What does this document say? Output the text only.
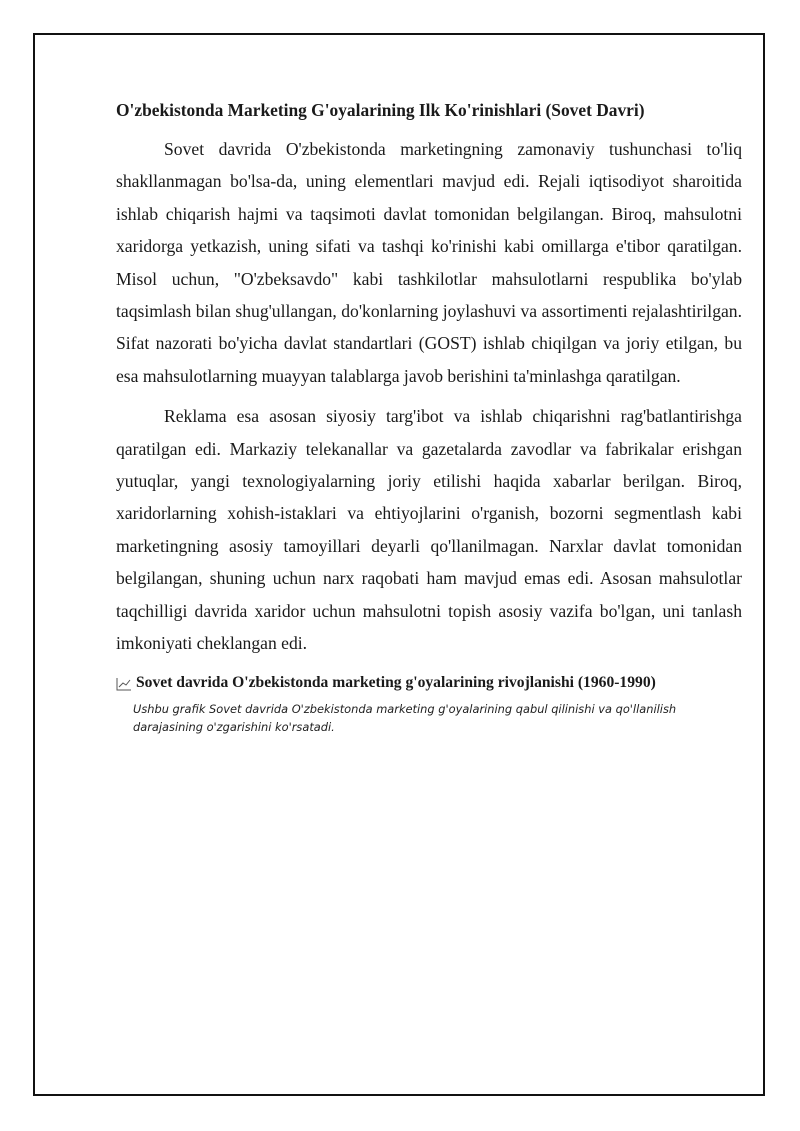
O'zbekistonda Marketing G'oyalarining Ilk Ko'rinishlari (Sovet Davri)

Sovet davrida O'zbekistonda marketingning zamonaviy tushunchasi to'liq shakllanmagan bo'lsa-da, uning elementlari mavjud edi. Rejali iqtisodiyot sharoitida ishlab chiqarish hajmi va taqsimoti davlat tomonidan belgilangan. Biroq, mahsulotni xaridorga yetkazish, uning sifati va tashqi ko'rinishi kabi omillarga e'tibor qaratilgan. Misol uchun, "O'zbeksavdo" kabi tashkilotlar mahsulotlarni respublika bo'ylab taqsimlash bilan shug'ullangan, do'konlarning joylashuvi va assortimenti rejalashtirilgan. Sifat nazorati bo'yicha davlat standartlari (GOST) ishlab chiqilgan va joriy etilgan, bu esa mahsulotlarning muayyan talablarga javob berishini ta'minlashga qaratilgan.

Reklama esa asosan siyosiy targ'ibot va ishlab chiqarishni rag'batlantirishga qaratilgan edi. Markaziy telekanallar va gazetalarda zavodlar va fabrikalar erishgan yutuqlar, yangi texnologiyalarning joriy etilishi haqida xabarlar berilgan. Biroq, xaridorlarning xohish-istaklari va ehtiyojlarini o'rganish, bozorni segmentlash kabi marketingning asosiy tamoyillari deyarli qo'llanilmagan. Narxlar davlat tomonidan belgilangan, shuning uchun narx raqobati ham mavjud emas edi. Asosan mahsulotlar taqchilligi davrida xaridor uchun mahsulotni topish asosiy vazifa bo'lgan, uni tanlash imkoniyati cheklangan edi.

Sovet davrida O'zbekistonda marketing g'oyalarining rivojlanishi (1960-1990)
Ushbu grafik Sovet davrida O'zbekistonda marketing g'oyalarining qabul qilinishi va qo'llanilish darajasining o'zgarishini ko'rsatadi.
